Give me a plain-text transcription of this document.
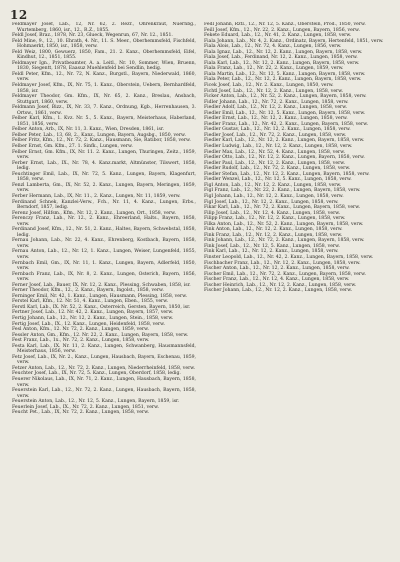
12

Feldmayer Josef, Lab., 12, Nr. 62, 2. Rezr., Ohrenkraut, Nuernbg., Wurtemberg, 1860, isr., 12., R.Z., 1855.

Feldl Josef, Braz., 1878, Nr. 23, Glueck, Wegenrun, 67, Nr. 12., 1851.

Feld Mine, 9., 12., 10. Ehrath, 4. Nr., 11. S. Meer., Oberhemmsfeld, Fischfeld, Hohmaerkt, 1850, isr., 1858, verw.

Feld Weiz, 1800, Gewuerz, 1850, Fam., 21. 2. Kanz., Oberhemmsfeld, Eifel, Kindhut, 12., 1851, 1855.

Feldmayer Ign., Privatbeamter, A. a. Leitl., Nr. 10, Sommer, Wien, Bruenn, 1830, Siegentt, 1878, Eaasuz Muehlenfeld bei Sendlin, hedig.

Feldl Peter, Kfm., 12., Nr. 72, N. Kanz., Burgstl., Bayern, Niederwald, 1860, verw.

Feldmayer Josef, Kfm., IX, Nr. 75, 1. Kanz., Oberstein, Uebern, Bernhardfeld, 1858, isr.

Feldmayer Theodor, Gm. Kfm., IX, Nr. 65, 2. Kanz., Breslau, Ansbach, Stuttgart, 1860, verw.

Feldmann Josef, Bizz., IX, Nr. 33, 7. Kanz., Ordnung, Kgb., Herrenhausen, 3. Ortsw., 1861, verw.

Felber Karl, Kfm., 1. Kvz. Nr. 5., 5. Kanz., Bayern, Meisterhaus, Haberland, 1851, 1856, verw.

Felber Anton, Arb., IX, Nr. 11, 3. Kanz., Wien, Dresden, 1861, isr.

Felber Peter, Lab., 13, 68, 2., Kanz., Lungen, Bayern, Augsbg., 1850, verw.

Felber Fritz, Kfm., 12., Nr. 72, 2. Kanz., Hausmann, Sie, Ratibor, 1858, verw.

Felber Ernst, Gm. Kfm., 27. 1. Sinfk., Lungen, verw.

Felber Ernst, Gm. Kfm., IX, Nr. 11. 2. Kanz., Lungen, Thuringen, Zeitz., 1859, verw.

Ferber Ernst, Lab., IX., Nr. 78, 4. Kanz.markt, Altmünster, Tilswert, 1858, ledig.

Feuchtinger Emil, Lab., IX, Nr. 72, 5. Kanz., Lungen, Bayern, Klagenfurt, 1858, verw.

Fenzl Lamberta, Gm., IX, Nr. 52, 2. Kanz., Lungen, Bayern, Meringen, 1859, verw.

Ferber Hermann, Lab., IX, Nr. 11., 2. Kanz., Lungen, Nr. 11, 1859, verw.

Ferdinand Schnek, Kanzlei-Verw., Fch., Nr. 11, 4. Kanz., Lungen, Erbs., Berndorf, 1857, ledig.

Ferenz Josef, Hilfsm., Kfm., Nr. 12, 2. Kanz., Lungen, Ort., 1858, verw.

Ferenczy Franz, Lab., Nr. 12., 2. Kanz., Ehreerland, Halts., Bayern, 1858, verw.

Ferdinand Josef, Kfm., 12., Nr. 51, 2. Kanz., Haltes, Bayern, Schwebstal, 1858, ledig.

Fernau Johann, Lab., Nr. 22, 4. Kanz., Ehrenberg, Kostbach, Bayern, 1858, verw.

Fernau Anton, Lab., 12., Nr. 12, 1. Kanz., Lungen, Weiser, Lungenfeld, 1855, verw.

Fernbach Emil, Gm., IX, Nr. 11, 1. Kanz., Lungen, Bayern, Adlerfeld, 1850, verw.

Fernbach Franz, Lab., IX, Nr. 8, 2. Kanz., Lungen, Osterich, Bayern, 1856, verw.

Ferner Josef, Lab., Bauer, IX, Nr. 12, 2. Kanz., Plessing, Schwaben, 1858, isr.

Ferner Theodor, Kfm., 12., 2. Kanz., Bayern, Ingolst., 1858, verw.

Ferninger Emil, Nr. 42, 1. Kanz., Lungen, Hausmann, Plessing, 1858, verw.

Ferstel Karl, Kfm., 12. Nr. 51, 4. Kanz., Lungen, Eben., 1855, verw.

Ferstl Karl, Lab., IX. Nr. 52, 2. Kanz., Osterreich, Gersten, Bayern, 1850, isr.

Fertner Josef, Lab., 12. Nr. 42, 2. Kanz., Lungen, Bayern, 1857, verw.

Fertig Johann, Lab., 12., Nr. 12, 2. Kanz., Lungen, Stein., 1858, verw.

Fertig Josef, Lab., IX., 12. Kanz., Lungen, Heidenfeld, 1858, verw.

Fesl Anton, Kfm., 12. Nr. 72, 2. Kanz., Lungen, 1859, verw.

Fessler Anton, Gm., Kfm., 12. Nr. 22, 2. Kanz., Lungen, Bayern, 1858, verw.

Fest Franz, Lab., 1x., Nr. 72, 2. Kanz., Lungen, 1858, verw.

Festa Karl, Lab., IX. Nr. 11, 2. Kanz., Lungen, Schwanberg, Hausmannsfeld, Meisterhaus, 1856, verw.

Fetz Josef, Lab., IX, Nr. 2., Kanz., Lungen, Hausbach, Bayern, Eschenau, 1859, verw.

Fetzer Anton, Lab., 12., Nr. 72, 2. Kanz., Lungen, Niederrheinfeld, 1858, verw.

Feuchter Josef, Lab., IX, Nr. 72, 5. Kanz., Lungen, Oberdorf, 1858, ledig.

Feuerer Nikolaus, Lab., IX, Nr. 71, 2. Kanz., Lungen, Hausbach, Bayern, 1858, verw.

Feuerstein Karl, Lab., 12., Nr. 72, 2. Kanz., Lungen, Hausbach, Bayern, 1858, verw.

Feuerstein Anton, Lab., 12., Nr. 12, 5. Kanz., Lungen, Bayern, 1859, isr.

Feuerlein Josef, Lab., IX., Nr. 72, 2. Kanz., Lungen, 1851, verw.

Feucht Pet., Lab., IX, Nr. 72, 2. Kanz., Lungen, 1858, verw.

Fedl Johann, Rztl., 12., Nr. 12, 5. Kanz., Oberstein, Prod., 1850, verw.

Feill Josef, Kfm., 12., Nr. 22, 2. Kanz., Lungen, Bayern, 1856, verw.

Fekete Eduard, Lab., 12., Nr. 41, 2. Kanz., Lungen, 1858, verw.

Fiala Johann, Lab., Nr. 4, 2. Kanz., Ordinatz, Bayern, Hertenfeld, 1851, verw.

Fiala Alois, Lab., 12., Nr. 72, 4. Kanz., Lungen, 1856, verw.

Fiala Ignaz, Lab., 12., Nr. 12, 2. Kanz., Lungen, Bayern, 1858, verw.

Fiala Josef, Lab., Ferdinand, Nr. 12, 2. Kanz., Lungen, 1858, verw.

Fiala Karl, Lab., 12., Nr. 12, 2. Kanz., Lungen, Bayern, 1858, verw.

Fiala Franz, Lab., 12., Nr. 22, 2. Kanz., Lungen, 1859, verw.

Fiala Martin, Lab., 12., Nr. 12, 5. Kanz., Lungen, Bayern, 1858, verw.

Fiala Peter, Lab., 12., Nr. 12, 2. Kanz., Lungen, Bayern, 1858, verw.

Ficek Josef, Lab., 12., Nr. 2. Kanz., Lungen, 1850, verw.

Fichtl Josef, Lab., 12., Nr. 12, 2. Kanz., Lungen, 1858, verw.

Ficker Anton, Lab., 12., Nr. 52, 2. Kanz., Lungen, Bayern, 1858, verw.

Fidler Johann, Lab., 12., Nr. 72, 2. Kanz., Lungen, 1858, verw.

Fiedler Adolf, Lab., 12., Nr. 12, 2. Kanz., Lungen, 1858, verw.

Fiedler Emil, Lab., 12., Nr. 12, 5. Kanz., Lungen, Bayern, 1858, verw.

Fiedler Ernst, Lab., 12., Nr. 12, 2. Kanz., Lungen, 1858, verw.

Fiedler Franz, Lab., 12., Nr. 42, 2. Kanz., Lungen, Bayern, 1858, verw.

Fiedler Gustav, Lab., 12., Nr. 12, 2. Kanz., Lungen, 1858, verw.

Fiedler Josef, Lab., 12., Nr. 72, 2. Kanz., Lungen, 1858, verw.

Fiedler Karl, Lab., 12., Nr. 12, 2. Kanz., Lungen, Bayern, 1858, verw.

Fiedler Ludwig, Lab., 12., Nr. 12, 2. Kanz., Lungen, 1858, verw.

Fiedler Max, Lab., 12., Nr. 52, 4. Kanz., Lungen, 1858, verw.

Fiedler Otto, Lab., 12., Nr. 12, 2. Kanz., Lungen, Bayern, 1858, verw.

Fiedler Paul, Lab., 12., Nr. 12, 2. Kanz., Lungen, 1858, verw.

Fiedler Rudolf, Lab., 12., Nr. 72, 2. Kanz., Lungen, 1858, verw.

Fiedler Stefan, Lab., 12., Nr. 12, 2. Kanz., Lungen, Bayern, 1858, verw.

Fiedler Wenzel, Lab., 12., Nr. 12, 5. Kanz., Lungen, 1858, verw.

Figl Anton, Lab., 12., Nr. 12, 2. Kanz., Lungen, 1858, verw.

Figl Franz, Lab., 12., Nr. 22, 2. Kanz., Lungen, Bayern, 1858, verw.

Figl Johann, Lab., 12., Nr. 12, 2. Kanz., Lungen, 1858, verw.

Figl Josef, Lab., 12., Nr. 12, 2. Kanz., Lungen, 1858, verw.

Fikar Karl, Lab., 12., Nr. 72, 2. Kanz., Lungen, Bayern, 1858, verw.

Filip Josef, Lab., 12., Nr. 12, 4. Kanz., Lungen, 1858, verw.

Filipp Franz, Lab., 12., Nr. 12, 2. Kanz., Lungen, 1858, verw.

Filka Anton, Lab., 12., Nr. 52, 2. Kanz., Lungen, Bayern, 1858, verw.

Fink Anton, Lab., 12., Nr. 12, 2. Kanz., Lungen, 1858, verw.

Fink Franz, Lab., 12., Nr. 12, 2. Kanz., Lungen, 1858, verw.

Fink Johann, Lab., 12., Nr. 72, 2. Kanz., Lungen, Bayern, 1858, verw.

Fink Josef, Lab., 12., Nr. 12, 5. Kanz., Lungen, 1858, verw.

Fink Karl, Lab., 12., Nr. 12, 2. Kanz., Lungen, 1858, verw.

Finster Leopold, Lab., 12., Nr. 42, 2. Kanz., Lungen, Bayern, 1858, verw.

Fischbacher Franz, Lab., 12., Nr. 12, 2. Kanz., Lungen, 1858, verw.

Fischer Anton, Lab., 12., Nr. 12, 2. Kanz., Lungen, 1858, verw.

Fischer Emil, Lab., 12., Nr. 72, 2. Kanz., Lungen, Bayern, 1858, verw.

Fischer Franz, Lab., 12., Nr. 12, 4. Kanz., Lungen, 1858, verw.

Fischer Heinrich, Lab., 12., Nr. 12, 2. Kanz., Lungen, 1858, verw.

Fischer Johann, Lab., 12., Nr. 12, 2. Kanz., Lungen, 1858, verw.
